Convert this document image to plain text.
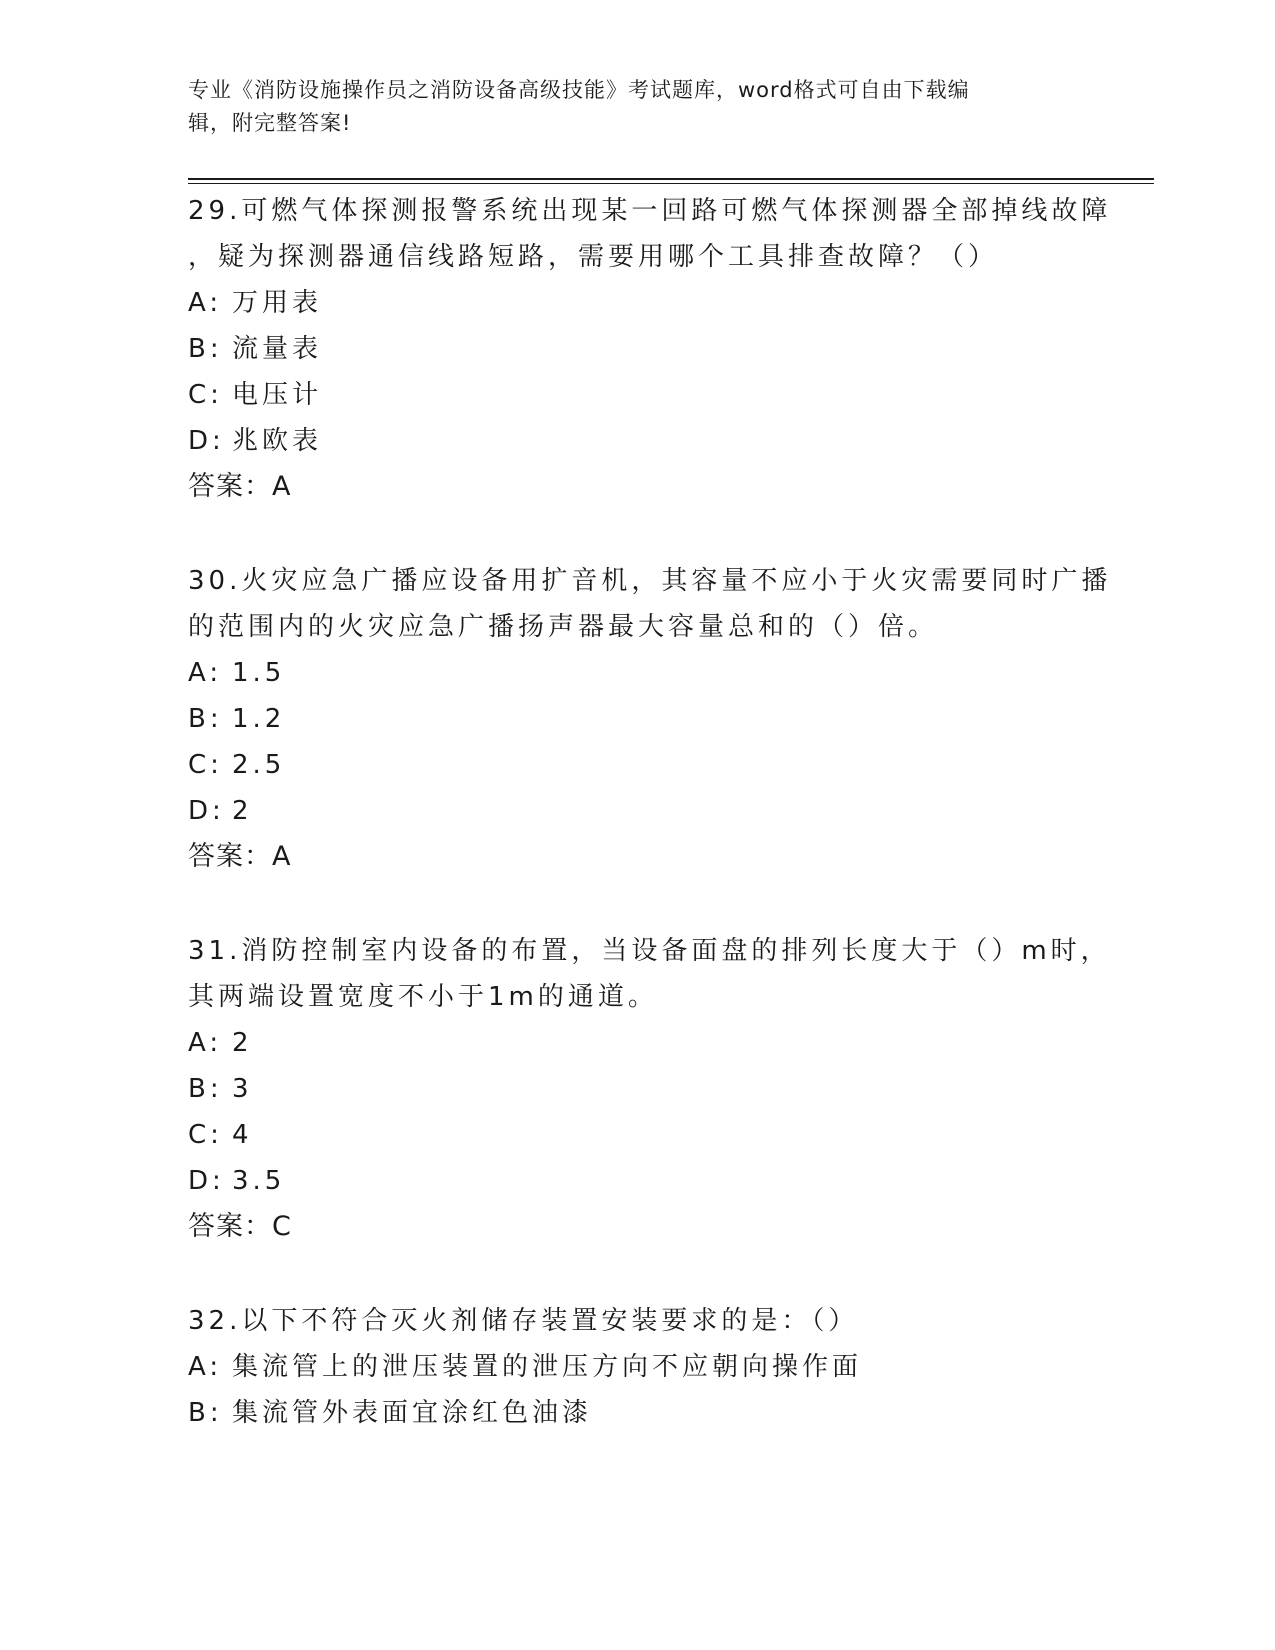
专业《消防设施操作员之消防设备高级技能》考试题库，word格式可自由下载编
辑，附完整答案!
29.可燃气体探测报警系统出现某一回路可燃气体探测器全部掉线故障
，疑为探测器通信线路短路，需要用哪个工具排查故障？（）
A: 万用表
B: 流量表
C: 电压计
D: 兆欧表
答案：A
30.火灾应急广播应设备用扩音机，其容量不应小于火灾需要同时广播
的范围内的火灾应急广播扬声器最大容量总和的（）倍。
A: 1.5
B: 1.2
C: 2.5
D: 2
答案：A
31.消防控制室内设备的布置，当设备面盘的排列长度大于（）m时，
其两端设置宽度不小于1m的通道。
A: 2
B: 3
C: 4
D: 3.5
答案：C
32.以下不符合灭火剂储存装置安装要求的是：（）
A: 集流管上的泄压装置的泄压方向不应朝向操作面
B: 集流管外表面宜涂红色油漆
